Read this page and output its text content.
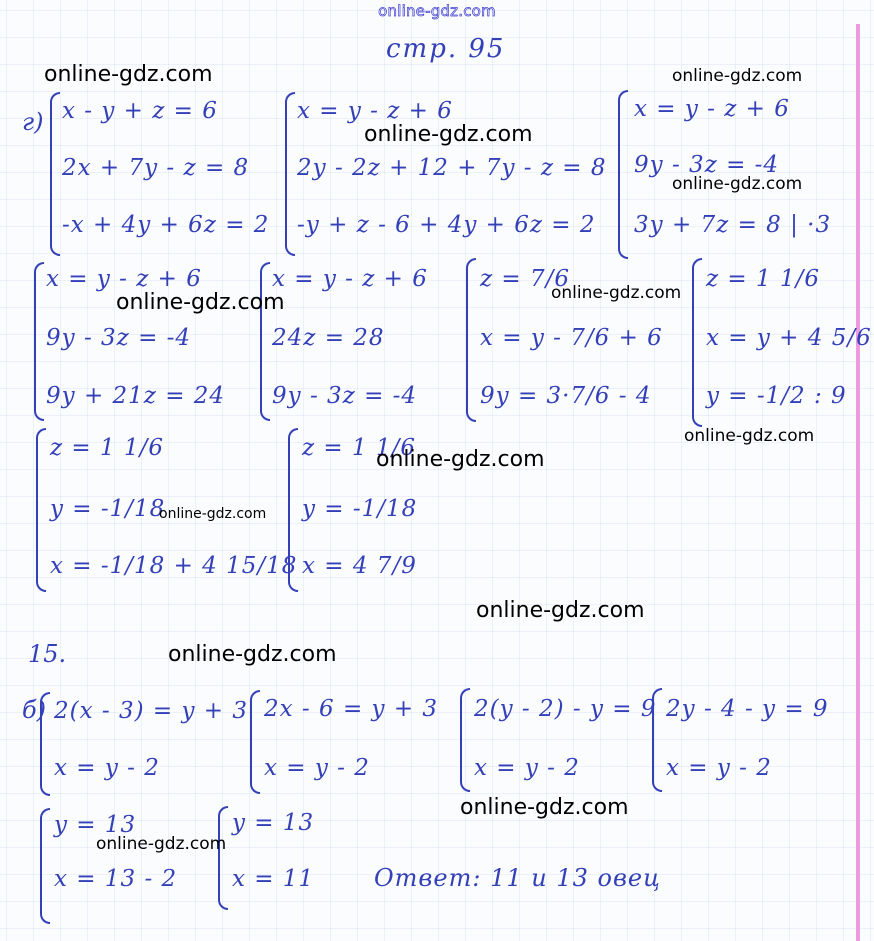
online-gdz.com
стр. 95
г) x - y + z = 6
2x + 7y - z = 8
-x + 4y + 6z = 2
x = y - z + 6
2y - 2z + 12 + 7y - z = 8
-y + z - 6 + 4y + 6z = 2
x = y - z + 6
9y - 3z = -4
3y + 7z = 8 | ·3
x = y - z + 6
9y - 3z = -4
9y + 21z = 24
x = y - z + 6
24z = 28
9y - 3z = -4
z = 7/6
x = y - 7/6 + 6
9y = 3·7/6 - 4
z = 1 1/6
x = y + 4 5/6
y = -1/2 : 9
z = 1 1/6
y = -1/18
x = -1/18 + 4 15/18
z = 1 1/6
y = -1/18
x = 4 7/9
15.
б) 2(x - 3) = y + 3
x = y - 2
2x - 6 = y + 3
x = y - 2
2(y - 2) - y = 9
x = y - 2
2y - 4 - y = 9
x = y - 2
y = 13
x = 13 - 2
y = 13
x = 11 Ответ: 11 и 13 овец
online-gdz.com	online-gdz.com
online-gdz.com
online-gdz.com
online-gdz.com
online-gdz.com
online-gdz.com
online-gdz.com
online-gdz.com
online-gdz.com
online-gdz.com
online-gdz.com
online-gdz.com
